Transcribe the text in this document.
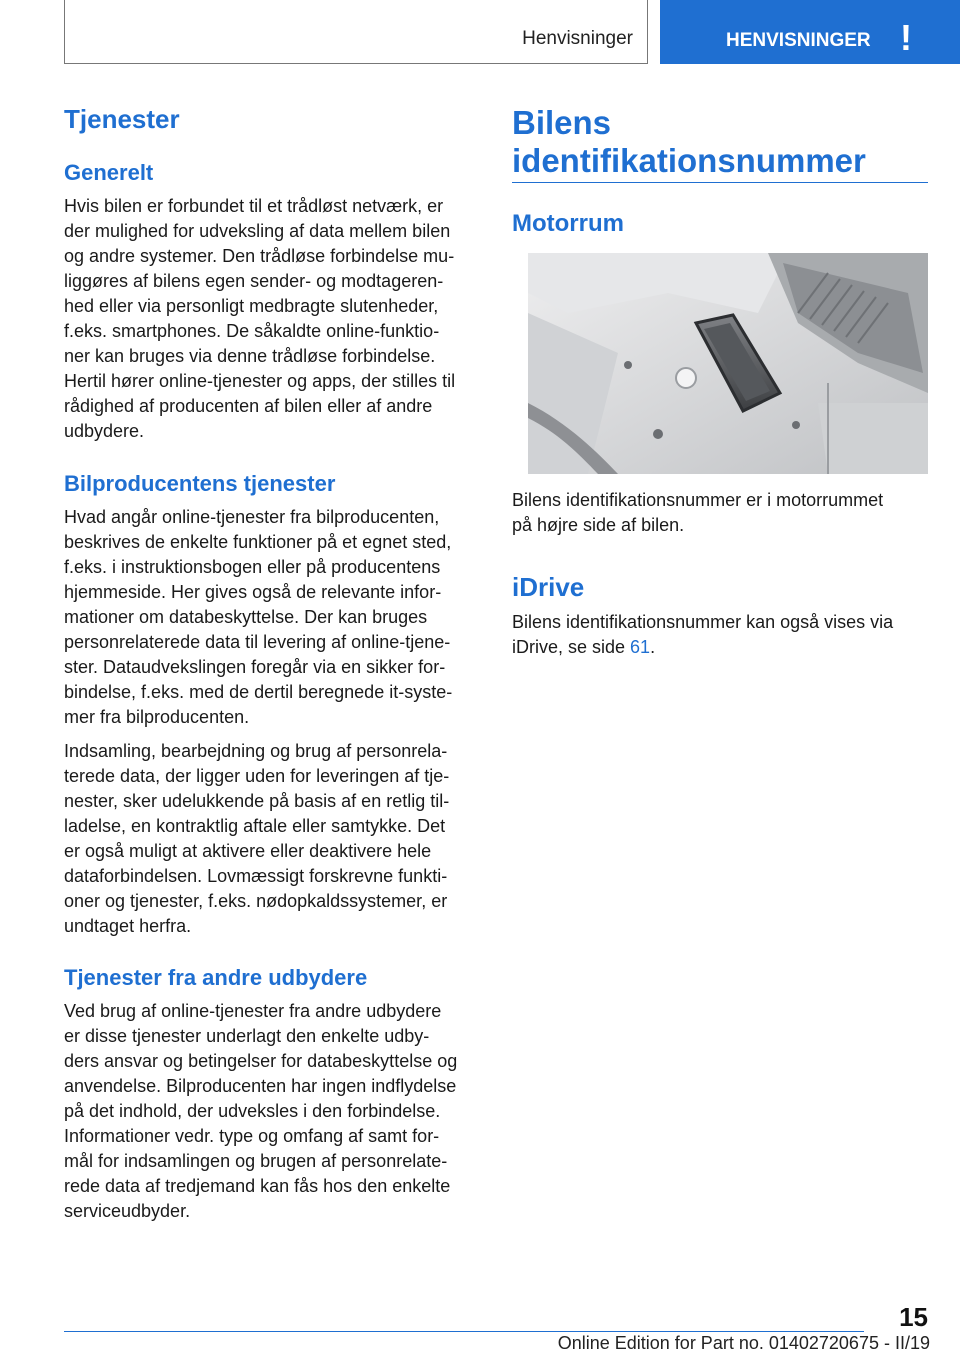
Henvisninger	HENVISNINGER !
Tjenester
Generelt

Hvis bilen er forbundet til et trådløst netværk, er
der mulighed for udveksling af data mellem bilen
og andre systemer. Den trådløse forbindelse mu-
liggøres af bilens egen sender- og modtageren-
hed eller via personligt medbragte slutenheder,
f.eks. smartphones. De såkaldte online-funktio-
ner kan bruges via denne trådløse forbindelse.
Hertil hører online-tjenester og apps, der stilles til
rådighed af producenten af bilen eller af andre
udbydere.

Bilproducentens tjenester

Hvad angår online-tjenester fra bilproducenten,
beskrives de enkelte funktioner på et egnet sted,
f.eks. i instruktionsbogen eller på producentens
hjemmeside. Her gives også de relevante infor-
mationer om databeskyttelse. Der kan bruges
personrelaterede data til levering af online-tjene-
ster. Dataudvekslingen foregår via en sikker for-
bindelse, f.eks. med de dertil beregnede it-syste-
mer fra bilproducenten.

Indsamling, bearbejdning og brug af personrela-
terede data, der ligger uden for leveringen af tje-
nester, sker udelukkende på basis af en retlig til-
ladelse, en kontraktlig aftale eller samtykke. Det
er også muligt at aktivere eller deaktivere hele
dataforbindelsen. Lovmæssigt forskrevne funkti-
oner og tjenester, f.eks. nødopkaldssystemer, er
undtaget herfra.

Tjenester fra andre udbydere

Ved brug af online-tjenester fra andre udbydere
er disse tjenester underlagt den enkelte udby-
ders ansvar og betingelser for databeskyttelse og
anvendelse. Bilproducenten har ingen indflydelse
på det indhold, der udveksles i den forbindelse.
Informationer vedr. type og omfang af samt for-
mål for indsamlingen og brugen af personrelate-
rede data af tredjemand kan fås hos den enkelte
serviceudbyder.

Bilens
identifikationsnummer
Motorrum

Bilens identifikationsnummer er i motorrummet
på højre side af bilen.

iDrive

Bilens identifikationsnummer kan også vises via
iDrive, se side 61.

15
Online Edition for Part no. 01402720675 - II/19
